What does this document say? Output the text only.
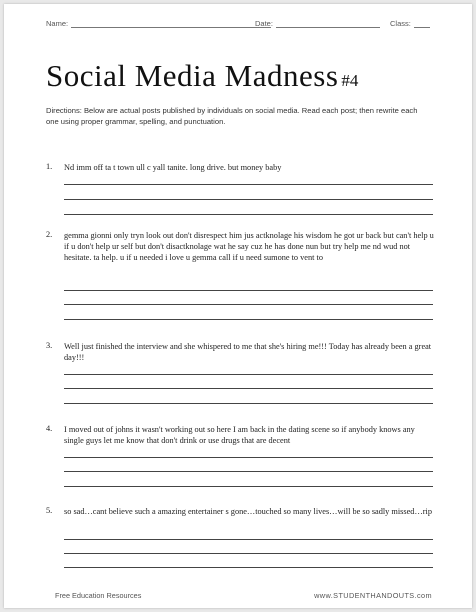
Name:	Date:	Class:
Social Media Madness #4
Directions: Below are actual posts published by individuals on social media. Read each post; then rewrite each one using proper grammar, spelling, and punctuation.
1. Nd imm off ta t town ull c yall tanite. long drive. but money baby
2. gemma gionni only tryn look out don't disrespect him jus actknolage his wisdom he got ur back but can't help u if u don't help ur self but don't disactknolage wat he say cuz he has done nun but try help me nd wud not hesitate. ta help. u if u needed i love u gemma call if u need sumone to vent to
3. Well just finished the interview and she whispered to me that she's hiring me!!! Today has already been a great day!!!
4. I moved out of johns it wasn't working out so here I am back in the dating scene so if anybody knows any single guys let me know that don't drink or use drugs that are decent
5. so sad…cant believe such a amazing entertainer s gone…touched so many lives…will be so sadly missed…rip
Free Education Resources	www.STUDENTHANDOUTS.com
